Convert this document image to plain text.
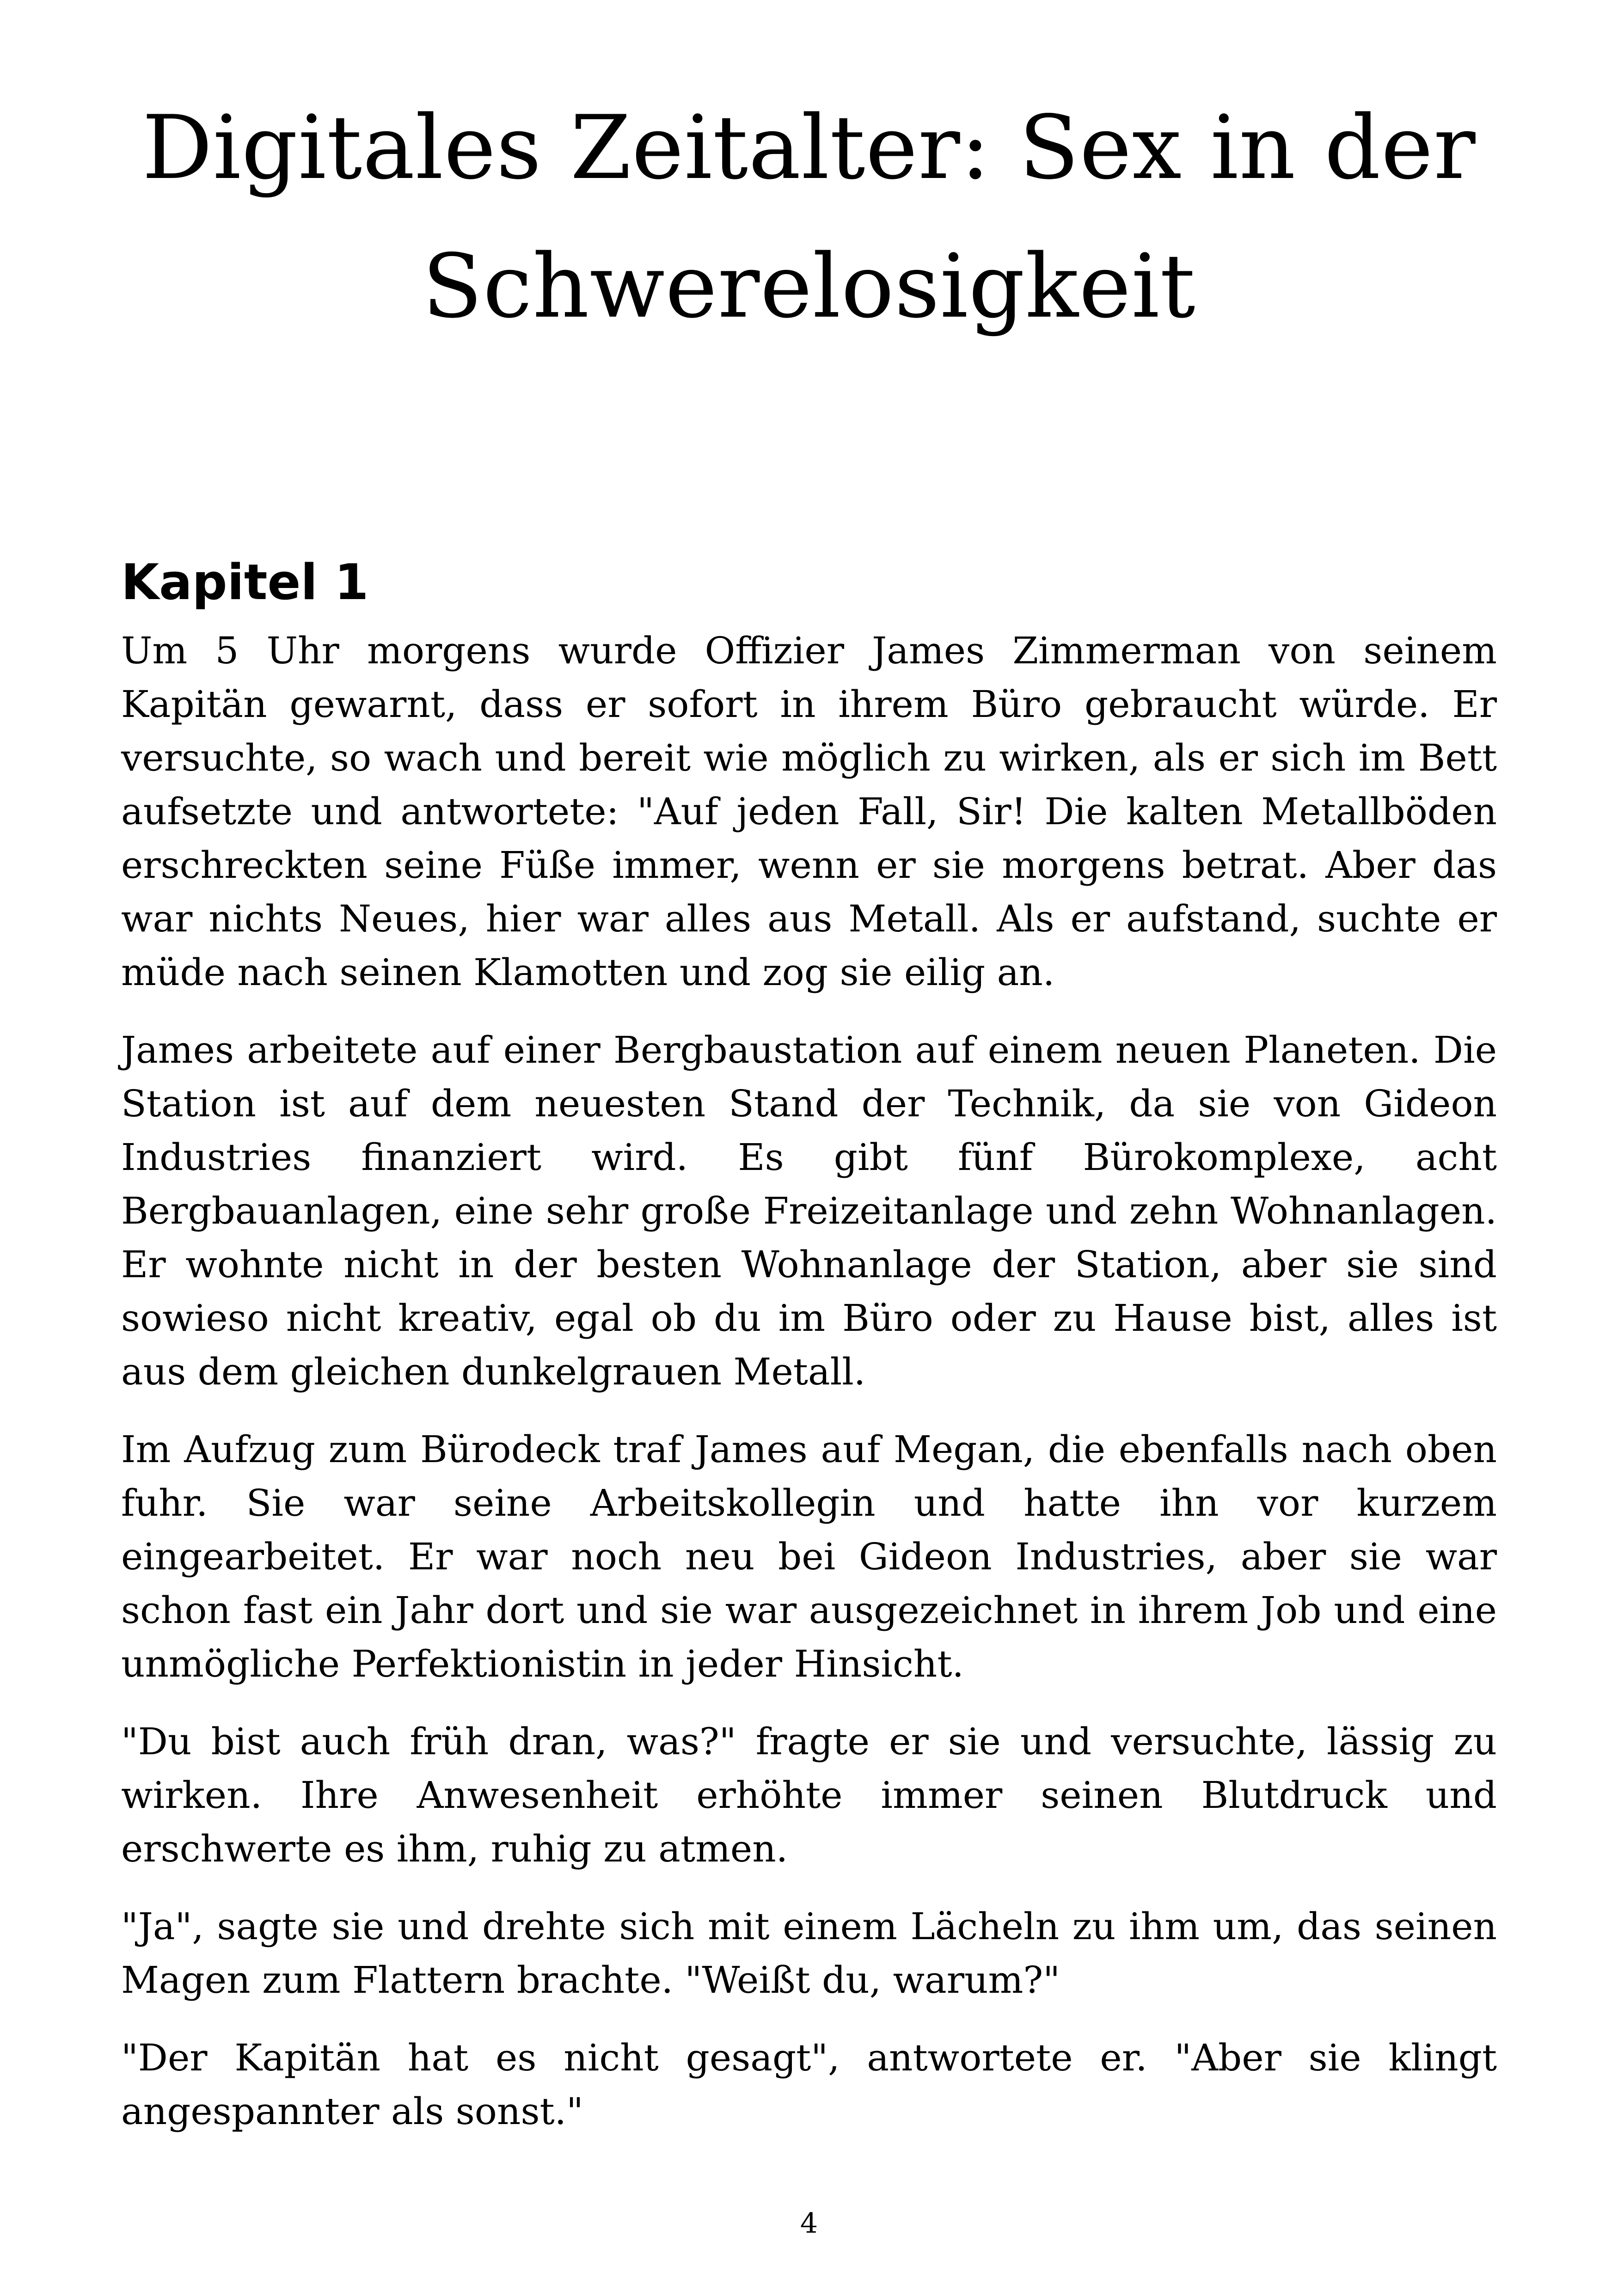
Digitales Zeitalter: Sex in der Schwerelosigkeit
Kapitel 1

Um 5 Uhr morgens wurde Offizier James Zimmerman von seinem Kapitän gewarnt, dass er sofort in ihrem Büro gebraucht würde. Er versuchte, so wach und bereit wie möglich zu wirken, als er sich im Bett aufsetzte und antwortete: "Auf jeden Fall, Sir! Die kalten Metallböden erschreckten seine Füße immer, wenn er sie morgens betrat. Aber das war nichts Neues, hier war alles aus Metall. Als er aufstand, suchte er müde nach seinen Klamotten und zog sie eilig an.

James arbeitete auf einer Bergbaustation auf einem neuen Planeten. Die Station ist auf dem neuesten Stand der Technik, da sie von Gideon Industries finanziert wird. Es gibt fünf Bürokomplexe, acht Bergbauanlagen, eine sehr große Freizeitanlage und zehn Wohnanlagen. Er wohnte nicht in der besten Wohnanlage der Station, aber sie sind sowieso nicht kreativ, egal ob du im Büro oder zu Hause bist, alles ist aus dem gleichen dunkelgrauen Metall.

Im Aufzug zum Bürodeck traf James auf Megan, die ebenfalls nach oben fuhr. Sie war seine Arbeitskollegin und hatte ihn vor kurzem eingearbeitet. Er war noch neu bei Gideon Industries, aber sie war schon fast ein Jahr dort und sie war ausgezeichnet in ihrem Job und eine unmögliche Perfektionistin in jeder Hinsicht.

"Du bist auch früh dran, was?" fragte er sie und versuchte, lässig zu wirken. Ihre Anwesenheit erhöhte immer seinen Blutdruck und erschwerte es ihm, ruhig zu atmen.

"Ja", sagte sie und drehte sich mit einem Lächeln zu ihm um, das seinen Magen zum Flattern brachte. "Weißt du, warum?"

"Der Kapitän hat es nicht gesagt", antwortete er. "Aber sie klingt angespannter als sonst."

4
